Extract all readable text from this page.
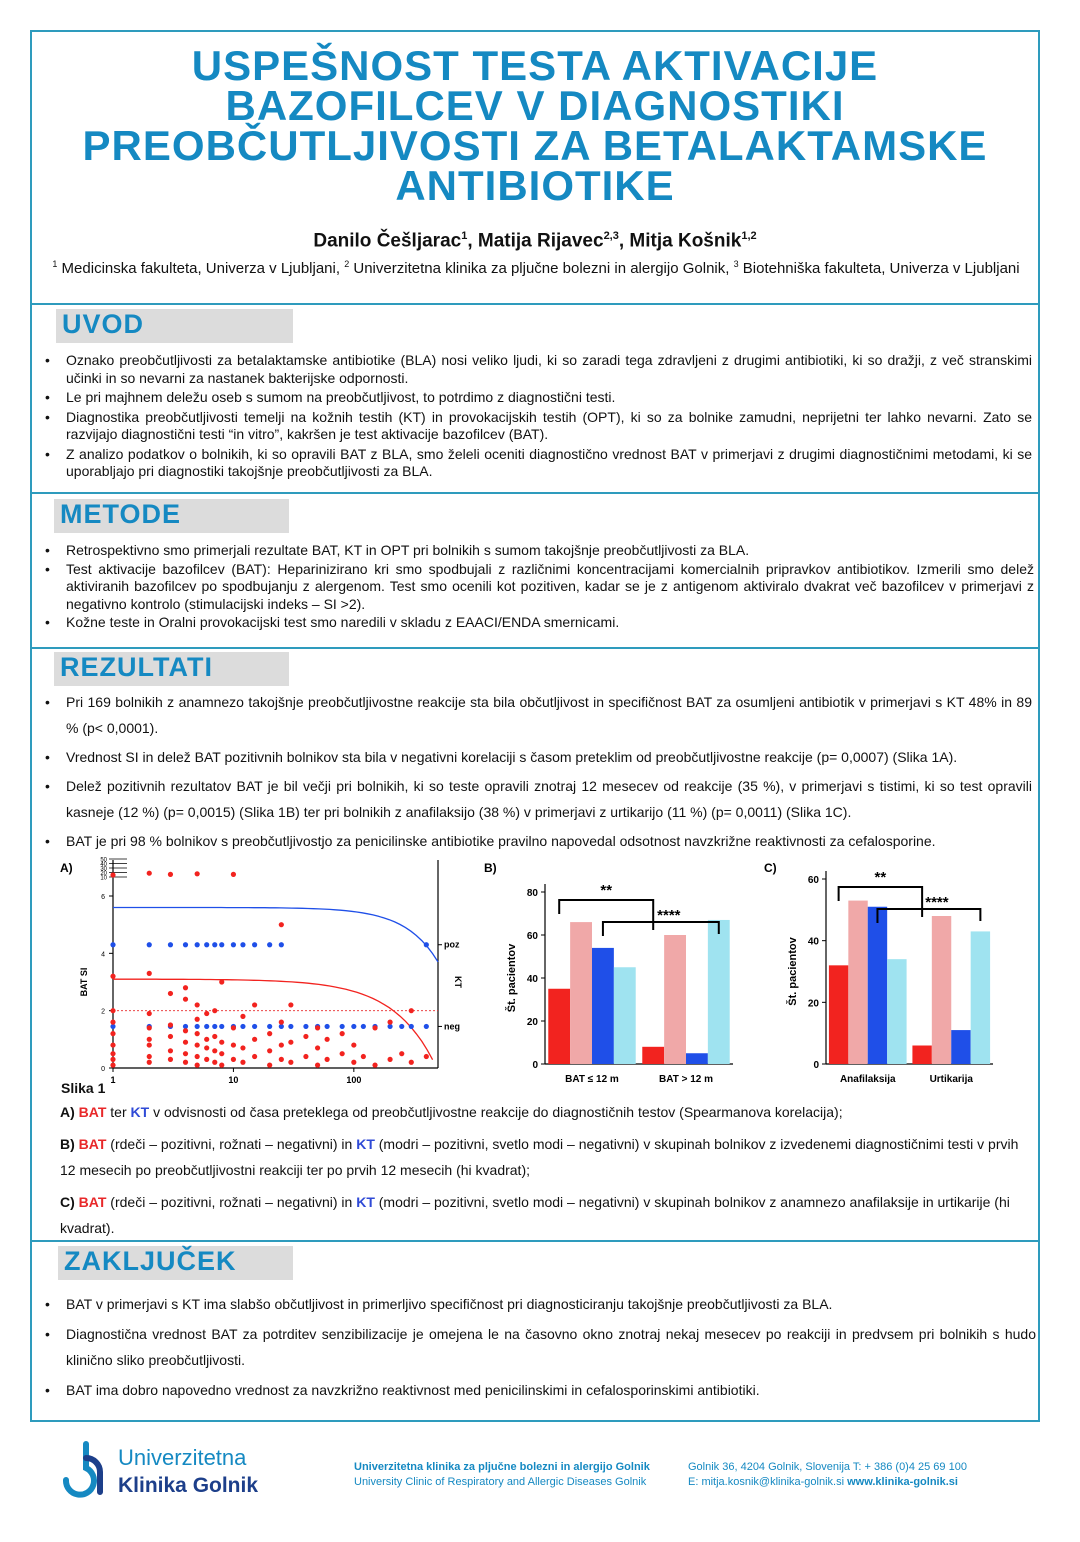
USPEŠNOST TESTA AKTIVACIJE
BAZOFILCEV V DIAGNOSTIKI
PREOBČUTLJIVOSTI ZA BETALAKTAMSKE
ANTIBIOTIKE
Danilo Češljarac$^1$, Matija Rijavec$^{2,3}$, Mitja Košnik$^{1,2}$
$^1$ Medicinska fakulteta, Univerza v Ljubljani, $^2$ Univerzitetna klinika za pljučne bolezni in alergijo Golnik, $^3$ Biotehniška fakulteta, Univerza v Ljubljani
UVOD
• Oznako preobčutljivosti za betalaktamske antibiotike (BLA) nosi veliko ljudi, ki so zaradi tega zdravljeni z drugimi antibiotiki, ki so dražji, z več stranskimi učinki in so nevarni za nastanek bakterijske odpornosti.
• Le pri majhnem deležu oseb s sumom na preobčutljivost, to potrdimo z diagnostični testi.
• Diagnostika preobčutljivosti temelji na kožnih testih (KT) in provokacijskih testih (OPT), ki so za bolnike zamudni, neprijetni ter lahko nevarni. Zato se razvijajo diagnostični testi “in vitro”, kakršen je test aktivacije bazofilcev (BAT).
• Z analizo podatkov o bolnikih, ki so opravili BAT z BLA, smo želeli oceniti diagnostično vrednost BAT v primerjavi z drugimi diagnostičnimi metodami, ki se uporabljajo pri diagnostiki takojšnje preobčutljivosti za BLA.
METODE
• Retrospektivno smo primerjali rezultate BAT, KT in OPT pri bolnikih s sumom takojšnje preobčutljivosti za BLA.
• Test aktivacije bazofilcev (BAT): Heparinizirano kri smo spodbujali z različnimi koncentracijami komercialnih pripravkov antibiotikov. Izmerili smo delež aktiviranih bazofilcev po spodbujanju z alergenom. Test smo ocenili kot pozitiven, kadar se je z antigenom aktiviralo dvakrat več bazofilcev v primerjavi z negativno kontrolo (stimulacijski indeks – SI >2).
• Kožne teste in Oralni provokacijski test smo naredili v skladu z EAACI/ENDA smernicami.
REZULTATI
• Pri 169 bolnikih z anamnezo takojšnje preobčutljivostne reakcije sta bila občutljivost in specifičnost BAT za osumljeni antibiotik v primerjavi s KT 48% in 89 % (p< 0,0001).
• Vrednost SI in delež BAT pozitivnih bolnikov sta bila v negativni korelaciji s časom preteklim od preobčutljivostne reakcije (p= 0,0007) (Slika 1A).
• Delež pozitivnih rezultatov BAT je bil večji pri bolnikih, ki so teste opravili znotraj 12 mesecev od reakcije (35 %), v primerjavi s tistimi, ki so test opravili kasneje (12 %) (p= 0,0015) (Slika 1B) ter pri bolnikih z anafilaksijo (38 %) v primerjavi z urtikarijo (11 %) (p= 0,0011) (Slika 1C).
• BAT je pri 98 % bolnikov s preobčutljivostjo za penicilinske antibiotike pravilno napovedal odsotnost navzkrižne reaktivnosti za cefalosporine.
A)
0
2
4
6
10
20
30
40
50
1	10	100
BAT SI	KT
poz
neg
B)
0
20
40
60
80
Št. pacientov
BAT ≤ 12 m	BAT > 12 m
**
****
C)
0
20
40
60
Št. pacientov
Anafilaksija	Urtikarija
**
****
Slika 1

A) BAT ter KT v odvisnosti od časa preteklega od preobčutljivostne reakcije do diagnostičnih testov (Spearmanova korelacija);

B) BAT (rdeči – pozitivni, rožnati – negativni) in KT (modri – pozitivni, svetlo modi – negativni) v skupinah bolnikov z izvedenemi diagnostičnimi testi v prvih 12 mesecih po preobčutljivostni reakciji ter po prvih 12 mesecih (hi kvadrat);

C) BAT (rdeči – pozitivni, rožnati – negativni) in KT (modri – pozitivni, svetlo modi – negativni) v skupinah bolnikov z anamnezo anafilaksije in urtikarije (hi kvadrat).

ZAKLJUČEK
• BAT v primerjavi s KT ima slabšo občutljivost in primerljivo specifičnost pri diagnosticiranju takojšnje preobčutljivosti za BLA.
• Diagnostična vrednost BAT za potrditev senzibilizacije je omejena le na časovno okno znotraj nekaj mesecev po reakciji in predvsem pri bolnikih s hudo klinično sliko preobčutljivosti.
• BAT ima dobro napovedno vrednost za navzkrižno reaktivnost med penicilinskimi in cefalosporinskimi antibiotiki.
Univerzitetna
Klinika Golnik
Univerzitetna klinika za pljučne bolezni in alergijo Golnik
University Clinic of Respiratory and Allergic Diseases Golnik
Golnik 36, 4204 Golnik, Slovenija T: + 386 (0)4 25 69 100
E: mitja.kosnik@klinika-golnik.si www.klinika-golnik.si
